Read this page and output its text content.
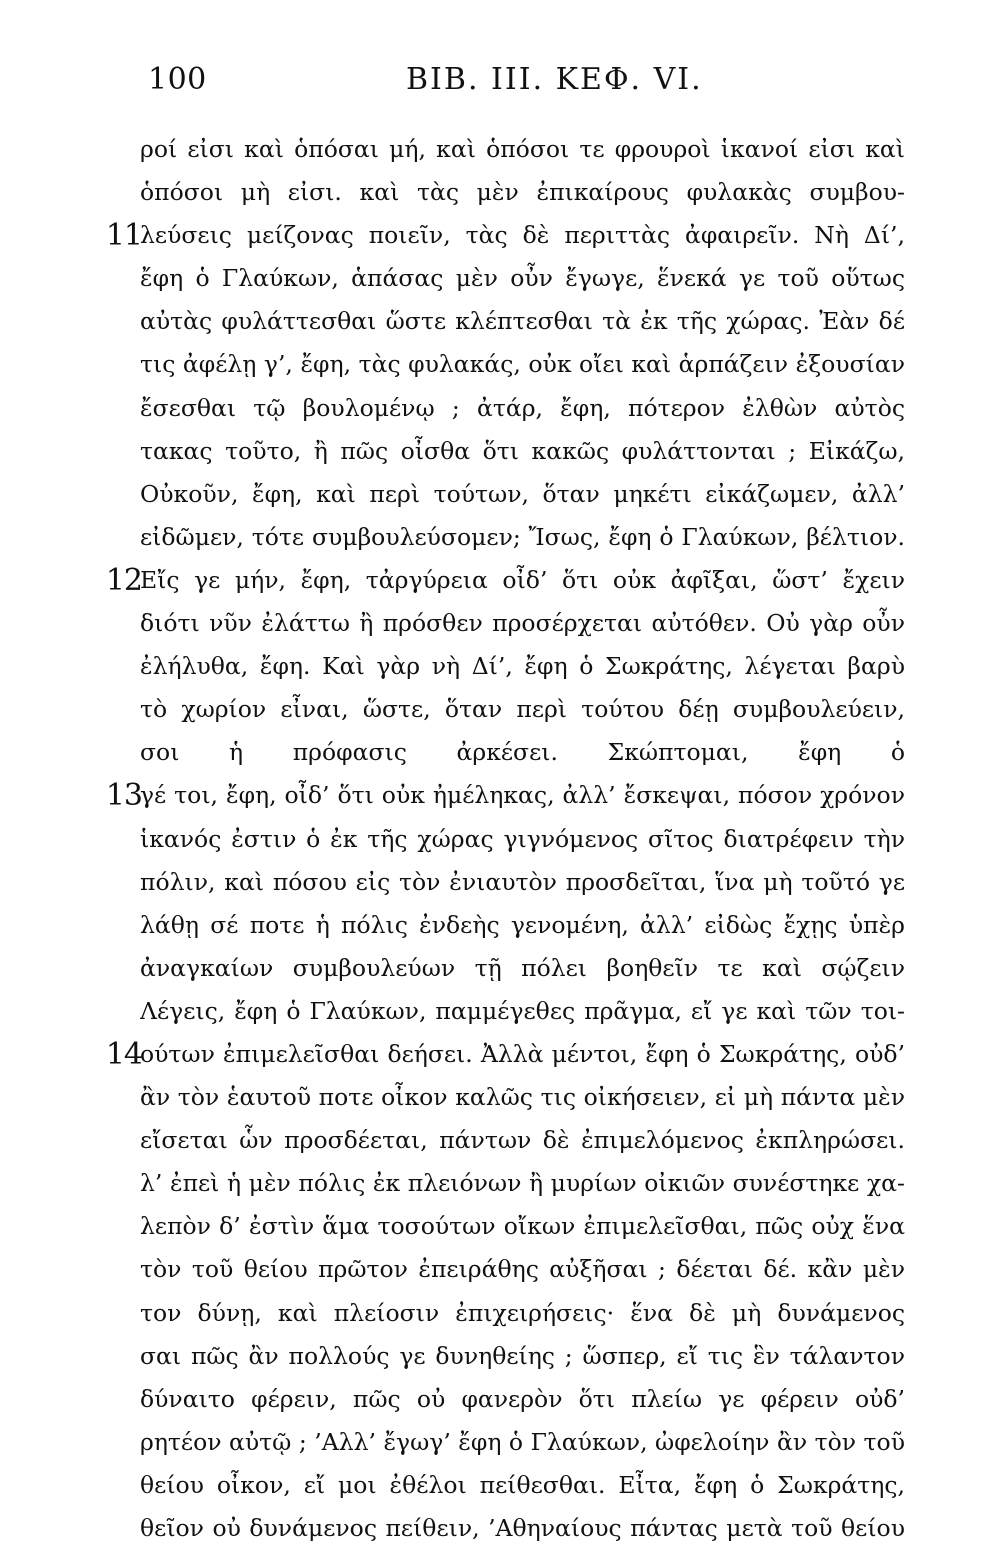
100	ΒΙΒ. ΙΙΙ. ΚΕΦ. VI.
ροί εἰσι καὶ ὁπόσαι μή, καὶ ὁπόσοι τε φρουροὶ ἱκανοί εἰσι καὶ
ὁπόσοι μὴ εἰσι. καὶ τὰς μὲν ἐπικαίρους φυλακὰς συμβου-
11
λεύσεις μείζονας ποιεῖν, τὰς δὲ περιττὰς ἀφαιρεῖν. Νὴ Δί’,
ἔφη ὁ Γλαύκων, ἁπάσας μὲν οὖν ἔγωγε, ἕνεκά γε τοῦ οὕτως
αὐτὰς φυλάττεσθαι ὥστε κλέπτεσθαι τὰ ἐκ τῆς χώρας. Ἐὰν δέ
τις ἀφέλῃ γ’, ἔφη, τὰς φυλακάς, οὐκ οἴει καὶ ἁρπάζειν ἐξουσίαν
ἔσεσθαι τῷ βουλομένῳ ; ἀτάρ, ἔφη, πότερον ἐλθὼν αὐτὸς
τακας τοῦτο, ἢ πῶς οἶσθα ὅτι κακῶς φυλάττονται ; Εἰκάζω,
Οὐκοῦν, ἔφη, καὶ περὶ τούτων, ὅταν μηκέτι εἰκάζωμεν, ἀλλ’
εἰδῶμεν, τότε συμβουλεύσομεν; Ἴσως, ἔφη ὁ Γλαύκων, βέλτιον.
12
Εἴς γε μήν, ἔφη, τἀργύρεια οἶδ’ ὅτι οὐκ ἀφῖξαι, ὥστ’ ἔχειν
διότι νῦν ἐλάττω ἢ πρόσθεν προσέρχεται αὐτόθεν. Οὐ γὰρ οὖν
ἐλήλυθα, ἔφη. Καὶ γὰρ νὴ Δί’, ἔφη ὁ Σωκράτης, λέγεται βαρὺ
τὸ χωρίον εἶναι, ὥστε, ὅταν περὶ τούτου δέῃ συμβουλεύειν,
σοι ἡ πρόφασις ἀρκέσει. Σκώπτομαι, ἔφη ὁ
13
γέ τοι, ἔφη, οἶδ’ ὅτι οὐκ ἠμέληκας, ἀλλ’ ἔσκεψαι, πόσον χρόνον
ἱκανός ἐστιν ὁ ἐκ τῆς χώρας γιγνόμενος σῖτος διατρέφειν τὴν
πόλιν, καὶ πόσου εἰς τὸν ἐνιαυτὸν προσδεῖται, ἵνα μὴ τοῦτό γε
λάθῃ σέ ποτε ἡ πόλις ἐνδεὴς γενομένη, ἀλλ’ εἰδὼς ἔχῃς ὑπὲρ
ἀναγκαίων συμβουλεύων τῇ πόλει βοηθεῖν τε καὶ σῴζειν
Λέγεις, ἔφη ὁ Γλαύκων, παμμέγεθες πρᾶγμα, εἴ γε καὶ τῶν τοι-
14
ούτων ἐπιμελεῖσθαι δεήσει. Ἀλλὰ μέντοι, ἔφη ὁ Σωκράτης, οὐδ’
ἂν τὸν ἑαυτοῦ ποτε οἶκον καλῶς τις οἰκήσειεν, εἰ μὴ πάντα μὲν
εἴσεται ὧν προσδέεται, πάντων δὲ ἐπιμελόμενος ἐκπληρώσει.
λ’ ἐπεὶ ἡ μὲν πόλις ἐκ πλειόνων ἢ μυρίων οἰκιῶν συνέστηκε χα-
λεπὸν δ’ ἐστὶν ἅμα τοσούτων οἴκων ἐπιμελεῖσθαι, πῶς οὐχ ἕνα
τὸν τοῦ θείου πρῶτον ἐπειράθης αὐξῆσαι ; δέεται δέ. κἂν μὲν
τον δύνῃ, καὶ πλείοσιν ἐπιχειρήσεις· ἕνα δὲ μὴ δυνάμενος
σαι πῶς ἂν πολλούς γε δυνηθείης ; ὥσπερ, εἴ τις ἓν τάλαντον
δύναιτο φέρειν, πῶς οὐ φανερὸν ὅτι πλείω γε φέρειν οὐδ’
ρητέον αὐτῷ ; ’Αλλ’ ἔγωγ’ ἔφη ὁ Γλαύκων, ὠφελοίην ἂν τὸν τοῦ
θείου οἶκον, εἴ μοι ἐθέλοι πείθεσθαι. Εἶτα, ἔφη ὁ Σωκράτης,
θεῖον οὐ δυνάμενος πείθειν, ’Αθηναίους πάντας μετὰ τοῦ θείου
